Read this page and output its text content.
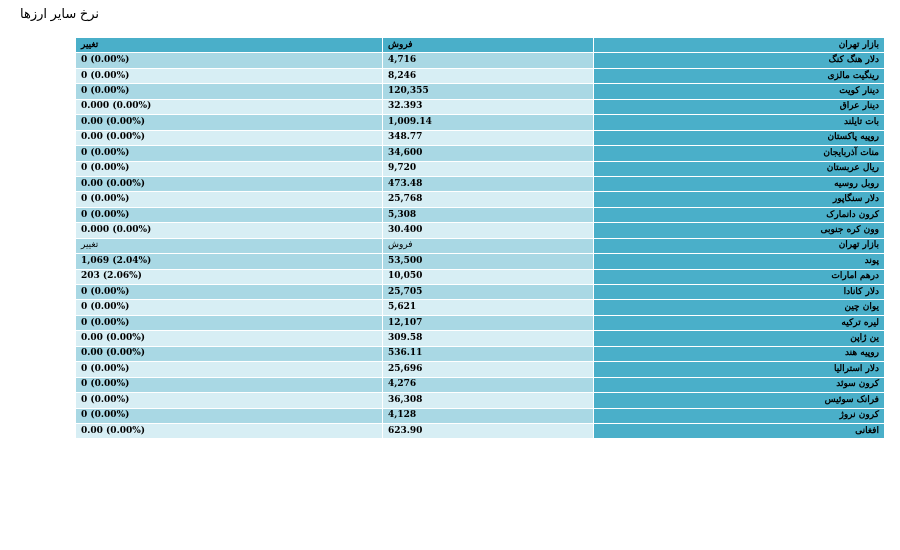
نرخ سایر ارزها
بازار تهران	فروش	تغییر
دلار هنگ کنگ	4,716	0 (0.00%)
رینگیت مالزی	8,246	0 (0.00%)
دینار کویت	120,355	0 (0.00%)
دینار عراق	32.393	0.000 (0.00%)
بات تایلند	1,009.14	0.00 (0.00%)
روپیه پاکستان	348.77	0.00 (0.00%)
منات آذربایجان	34,600	0 (0.00%)
ریال عربستان	9,720	0 (0.00%)
روبل روسیه	473.48	0.00 (0.00%)
دلار سنگاپور	25,768	0 (0.00%)
کرون دانمارک	5,308	0 (0.00%)
وون کره جنوبی	30.400	0.000 (0.00%)
بازار تهران	فروش	تغییر
پوند	53,500	1,069 (2.04%)
درهم امارات	10,050	203 (2.06%)
دلار کانادا	25,705	0 (0.00%)
یوان چین	5,621	0 (0.00%)
لیره ترکیه	12,107	0 (0.00%)
ین ژاپن	309.58	0.00 (0.00%)
روپیه هند	536.11	0.00 (0.00%)
دلار استرالیا	25,696	0 (0.00%)
کرون سوئد	4,276	0 (0.00%)
فرانک سوئیس	36,308	0 (0.00%)
کرون نروژ	4,128	0 (0.00%)
افغانی	623.90	0.00 (0.00%)
